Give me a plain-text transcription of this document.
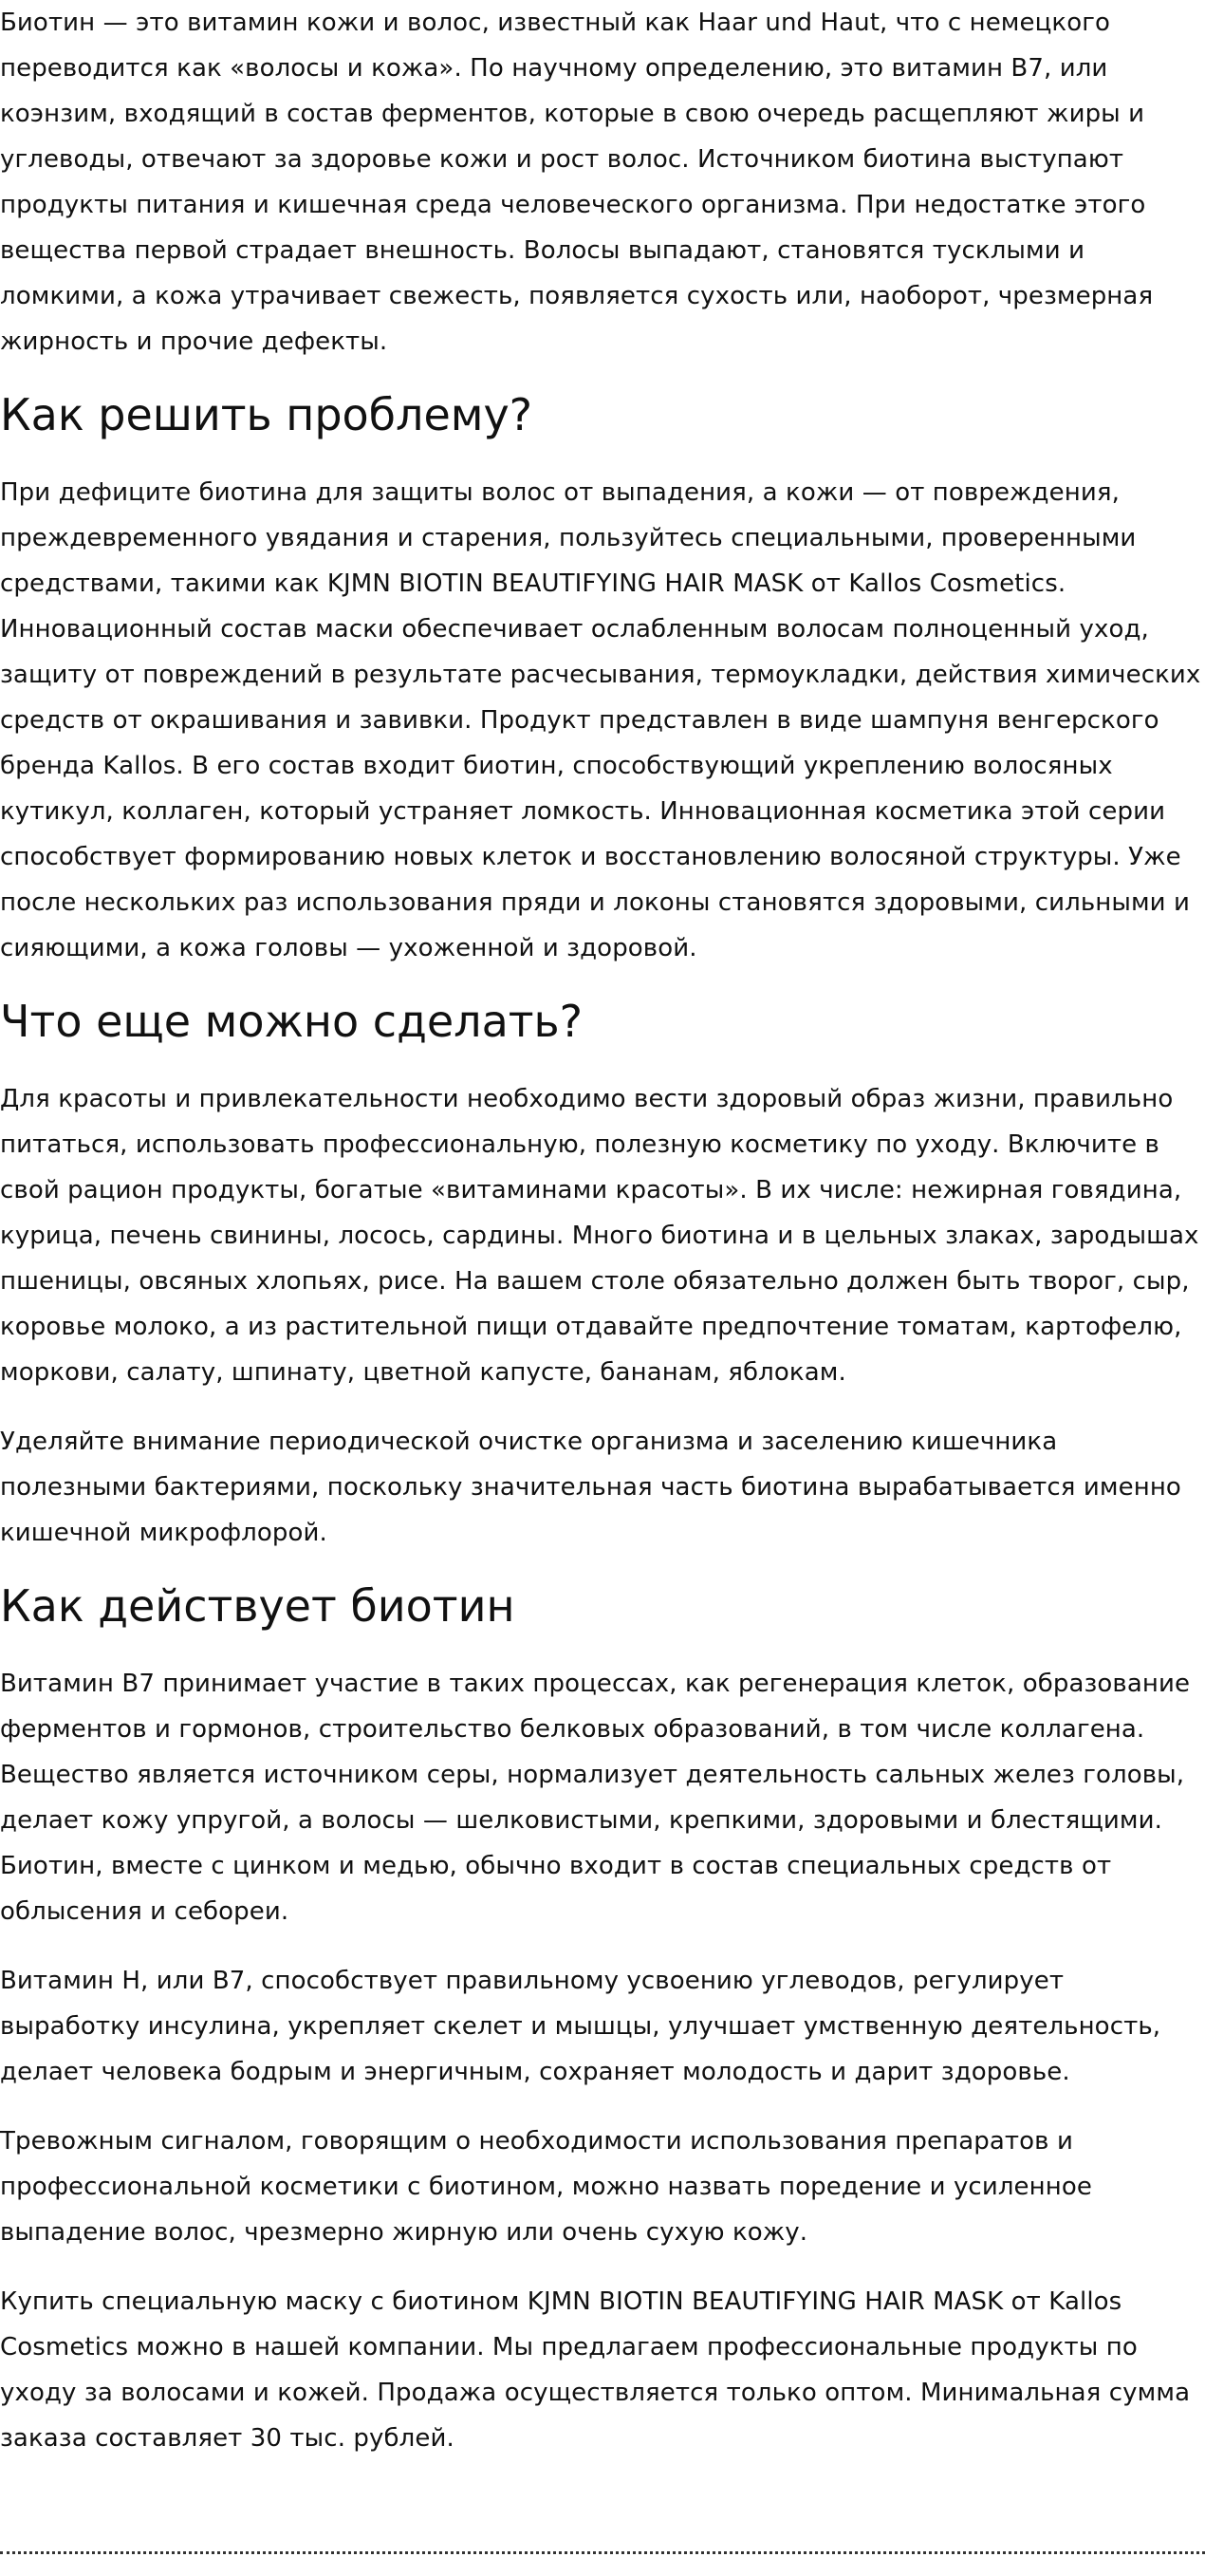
Биотин — это витамин кожи и волос, известный как Haar und Haut, что с немецкого переводится как «волосы и кожа». По научному определению, это витамин В7, или коэнзим, входящий в состав ферментов, которые в свою очередь расщепляют жиры и углеводы, отвечают за здоровье кожи и рост волос. Источником биотина выступают продукты питания и кишечная среда человеческого организма. При недостатке этого вещества первой страдает внешность. Волосы выпадают, становятся тусклыми и ломкими, а кожа утрачивает свежесть, появляется сухость или, наоборот, чрезмерная жирность и прочие дефекты.

Как решить проблему?

При дефиците биотина для защиты волос от выпадения, а кожи — от повреждения, преждевременного увядания и старения, пользуйтесь специальными, проверенными средствами, такими как KJMN BIOTIN BEAUTIFYING HAIR MASK от Kallos Cosmetics. Инновационный состав маски обеспечивает ослабленным волосам полноценный уход, защиту от повреждений в результате расчесывания, термоукладки, действия химических средств от окрашивания и завивки. Продукт представлен в виде шампуня венгерского бренда Kallos. В его состав входит биотин, способствующий укреплению волосяных кутикул, коллаген, который устраняет ломкость. Инновационная косметика этой серии способствует формированию новых клеток и восстановлению волосяной структуры. Уже после нескольких раз использования пряди и локоны становятся здоровыми, сильными и сияющими, а кожа головы — ухоженной и здоровой.

Что еще можно сделать?

Для красоты и привлекательности необходимо вести здоровый образ жизни, правильно питаться, использовать профессиональную, полезную косметику по уходу. Включите в свой рацион продукты, богатые «витаминами красоты». В их числе: нежирная говядина, курица, печень свинины, лосось, сардины. Много биотина и в цельных злаках, зародышах пшеницы, овсяных хлопьях, рисе. На вашем столе обязательно должен быть творог, сыр, коровье молоко, а из растительной пищи отдавайте предпочтение томатам, картофелю, моркови, салату, шпинату, цветной капусте, бананам, яблокам.

Уделяйте внимание периодической очистке организма и заселению кишечника полезными бактериями, поскольку значительная часть биотина вырабатывается именно кишечной микрофлорой.

Как действует биотин

Витамин В7 принимает участие в таких процессах, как регенерация клеток, образование ферментов и гормонов, строительство белковых образований, в том числе коллагена. Вещество является источником серы, нормализует деятельность сальных желез головы, делает кожу упругой, а волосы — шелковистыми, крепкими, здоровыми и блестящими. Биотин, вместе с цинком и медью, обычно входит в состав специальных средств от облысения и себореи.

Витамин Н, или В7, способствует правильному усвоению углеводов, регулирует выработку инсулина, укрепляет скелет и мышцы, улучшает умственную деятельность, делает человека бодрым и энергичным, сохраняет молодость и дарит здоровье.

Тревожным сигналом, говорящим о необходимости использования препаратов и профессиональной косметики с биотином, можно назвать поредение и усиленное выпадение волос, чрезмерно жирную или очень сухую кожу.

Купить специальную маску с биотином KJMN BIOTIN BEAUTIFYING HAIR MASK от Kallos Cosmetics можно в нашей компании. Мы предлагаем профессиональные продукты по уходу за волосами и кожей. Продажа осуществляется только оптом. Минимальная сумма заказа составляет 30 тыс. рублей.
